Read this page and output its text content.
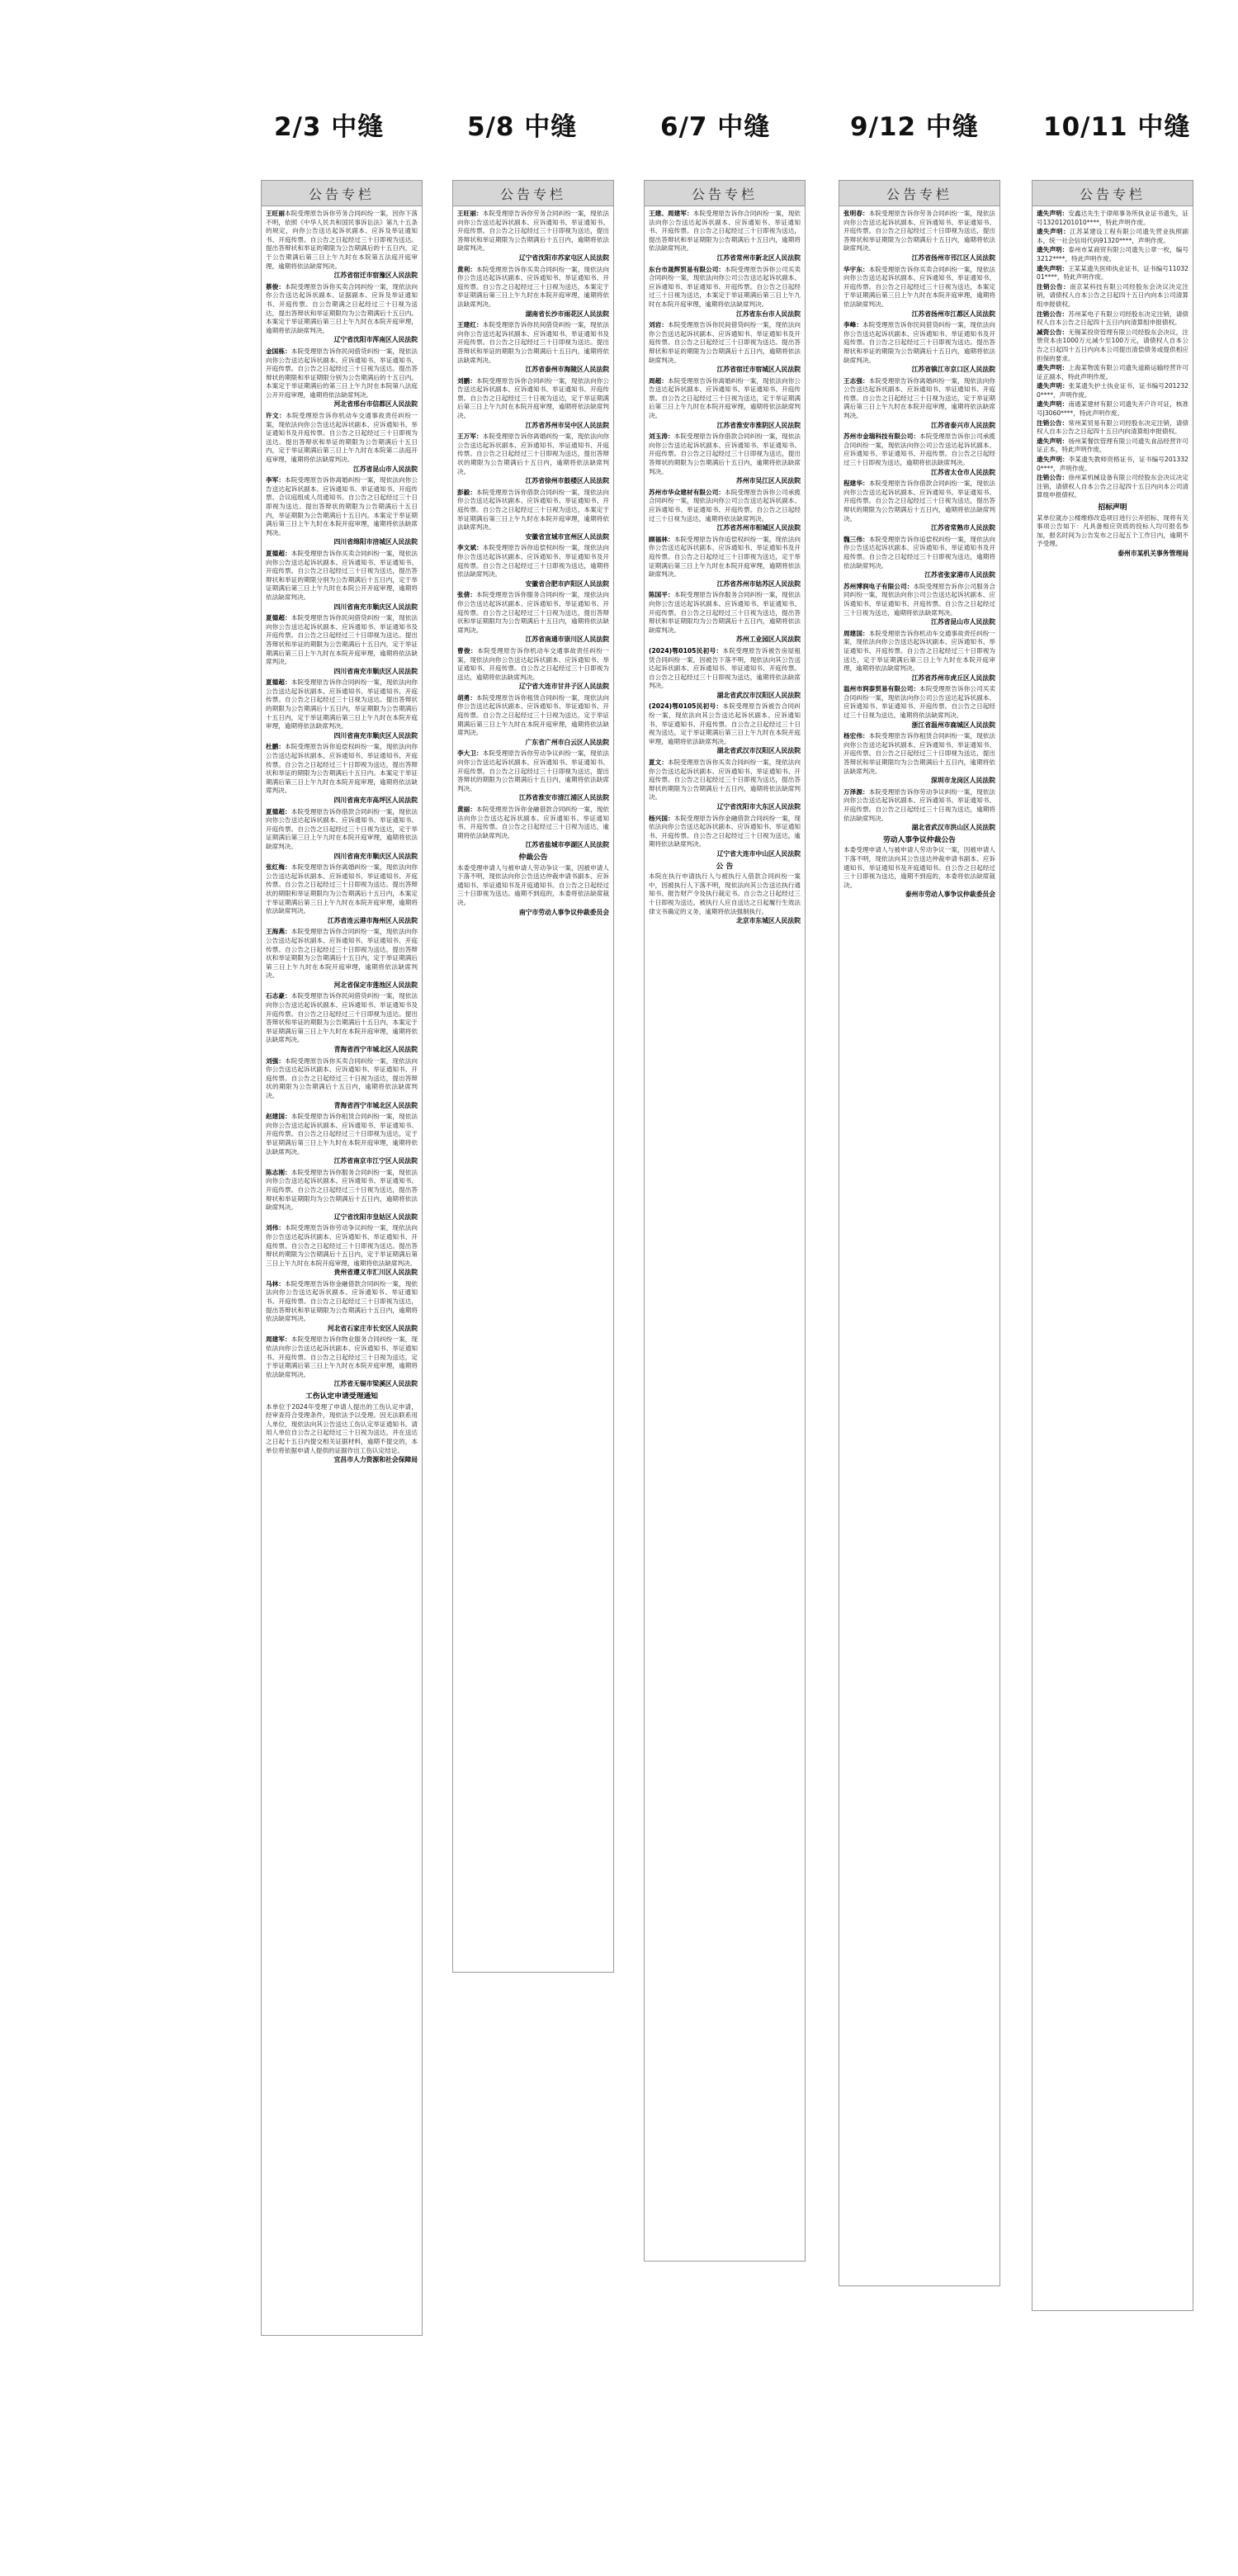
2/3 中缝	5/8 中缝	6/7 中缝	9/12 中缝	10/11 中缝
公告专栏
王旺丽本院受理原告诉你劳务合同纠纷一案，因你下落不明，依照《中华人民共和国民事诉讼法》第九十五条的规定，向你公告送达起诉状副本、应诉及举证通知书、开庭传票。自公告之日起经过三十日即视为送达。提出答辩状和举证的期限为公告期满后的十五日内，定于公告期满后第三日上午九时在本院第五法庭开庭审理，逾期将依法缺席判决。
江苏省宿迁市宿豫区人民法院
蔡俊：本院受理原告诉你买卖合同纠纷一案，现依法向你公告送达起诉状副本、证据副本、应诉及举证通知书、开庭传票。自公告期满之日起经过三十日视为送达，提出答辩状和举证期限均为公告期满后十五日内。本案定于举证期满后第三日上午九时在本院开庭审理，逾期将依法缺席判决。
辽宁省沈阳市浑南区人民法院
金国栋：本院受理原告诉你民间借贷纠纷一案，现依法向你公告送达起诉状副本、应诉通知书、举证通知书、开庭传票。自公告之日起经过三十日视为送达。提出答辩状的期限和举证期限分别为公告期满后的十五日内。本案定于举证期满后的第三日上午九时在本院第八法庭公开开庭审理，逾期将依法缺席判决。
河北省邢台市信都区人民法院
许文：本院受理原告诉你机动车交通事故责任纠纷一案，现依法向你公告送达起诉状副本、应诉通知书、举证通知书及开庭传票。自公告之日起经过三十日即视为送达。提出答辩状和举证的期限为公告期满后十五日内，定于举证期满后第三日上午九时在本院第二法庭开庭审理，逾期将依法缺席判决。
江苏省昆山市人民法院
李军：本院受理原告诉你离婚纠纷一案，现依法向你公告送达起诉状副本、应诉通知书、举证通知书、开庭传票、合议庭组成人员通知书。自公告之日起经过三十日即视为送达。提出答辩状的期限为公告期满后十五日内，举证期限为公告期满后十五日内。本案定于举证期满后第三日上午九时在本院开庭审理，逾期将依法缺席判决。
四川省绵阳市涪城区人民法院
夏德超：本院受理原告诉你买卖合同纠纷一案，现依法向你公告送达起诉状副本、应诉通知书、举证通知书、开庭传票。自公告之日起经过三十日视为送达，提出答辩状和举证的期限分别为公告期满后十五日内，定于举证期满后第三日上午九时在本院公开开庭审理，逾期将依法缺席判决。
四川省南充市顺庆区人民法院
夏德超：本院受理原告诉你民间借贷纠纷一案，现依法向你公告送达起诉状副本、应诉通知书、举证通知书及开庭传票。自公告之日起经过三十日即视为送达。提出答辩状和举证的期限为公告期满后十五日内，定于举证期满后第三日上午九时在本院开庭审理，逾期将依法缺席判决。
四川省南充市顺庆区人民法院
夏德超：本院受理原告诉你合同纠纷一案，现依法向你公告送达起诉状副本、应诉通知书、举证通知书、开庭传票。自公告之日起经过三十日视为送达。提出答辩状的期限为公告期满后十五日内，举证期限为公告期满后十五日内，定于举证期满后第三日上午九时在本院开庭审理，逾期将依法缺席判决。
四川省南充市顺庆区人民法院
杜鹏：本院受理原告诉你追偿权纠纷一案，现依法向你公告送达起诉状副本、应诉通知书、举证通知书、开庭传票。自公告之日起经过三十日即视为送达，提出答辩状和举证的期限为公告期满后十五日内。本案定于举证期满后第三日上午九时在本院开庭审理，逾期将依法缺席判决。
四川省南充市高坪区人民法院
夏德超：本院受理原告诉你借款合同纠纷一案，现依法向你公告送达起诉状副本、应诉通知书、举证通知书、开庭传票。自公告之日起经过三十日视为送达，定于举证期满后第三日上午九时在本院开庭审理，逾期将依法缺席判决。
四川省南充市顺庆区人民法院
张红梅：本院受理原告诉你离婚纠纷一案，现依法向你公告送达起诉状副本、应诉通知书、举证通知书、开庭传票。自公告之日起经过三十日即视为送达。提出答辩状的期限和举证期限均为公告期满后十五日内，本案定于举证期满后第三日上午九时在本院开庭审理，逾期将依法缺席判决。
江苏省连云港市海州区人民法院
王海燕：本院受理原告诉你合同纠纷一案，现依法向你公告送达起诉状副本、应诉通知书、举证通知书、开庭传票。自公告之日起经过三十日即视为送达，提出答辩状和举证期限为公告期满后十五日内，定于举证期满后第三日上午九时在本院开庭审理，逾期将依法缺席判决。
河北省保定市莲池区人民法院
石志豪：本院受理原告诉你民间借贷纠纷一案，现依法向你公告送达起诉状副本、应诉通知书、举证通知书及开庭传票。自公告之日起经过三十日即视为送达。提出答辩状和举证的期限为公告期满后十五日内，本案定于举证期满后第三日上午九时在本院开庭审理，逾期将依法缺席判决。
青海省西宁市城北区人民法院
刘强：本院受理原告诉你买卖合同纠纷一案，现依法向你公告送达起诉状副本、应诉通知书、举证通知书、开庭传票。自公告之日起经过三十日视为送达，提出答辩状的期限为公告期满后十五日内，逾期将依法缺席判决。
青海省西宁市城北区人民法院
赵建国：本院受理原告诉你租赁合同纠纷一案，现依法向你公告送达起诉状副本、应诉通知书、举证通知书、开庭传票。自公告之日起经过三十日即视为送达，定于举证期满后第三日上午九时在本院开庭审理，逾期将依法缺席判决。
江苏省南京市江宁区人民法院
陈志刚：本院受理原告诉你服务合同纠纷一案，现依法向你公告送达起诉状副本、应诉通知书、举证通知书、开庭传票。自公告之日起经过三十日视为送达，提出答辩状和举证期限均为公告期满后十五日内，逾期将依法缺席判决。
辽宁省沈阳市皇姑区人民法院
刘伟：本院受理原告诉你劳动争议纠纷一案，现依法向你公告送达起诉状副本、应诉通知书、举证通知书、开庭传票。自公告之日起经过三十日即视为送达。提出答辩状的期限为公告期满后十五日内，定于举证期满后第三日上午九时在本院开庭审理，逾期将依法缺席判决。
贵州省遵义市汇川区人民法院
马林：本院受理原告诉你金融借款合同纠纷一案，现依法向你公告送达起诉状副本、应诉通知书、举证通知书、开庭传票。自公告之日起经过三十日即视为送达，提出答辩状和举证期限为公告期满后十五日内，逾期将依法缺席判决。
河北省石家庄市长安区人民法院
周建军：本院受理原告诉你物业服务合同纠纷一案，现依法向你公告送达起诉状副本、应诉通知书、举证通知书、开庭传票。自公告之日起经过三十日视为送达，定于举证期满后第三日上午九时在本院开庭审理，逾期将依法缺席判决。
江苏省无锡市梁溪区人民法院
工伤认定申请受理通知
本单位于2024年受理了申请人提出的工伤认定申请，经审查符合受理条件，现依法予以受理。因无法联系用人单位，现依法向其公告送达工伤认定举证通知书。请用人单位自公告之日起经过三十日视为送达，并在送达之日起十五日内提交相关证据材料，逾期不提交的，本单位将依据申请人提供的证据作出工伤认定结论。
宜昌市人力资源和社会保障局
公告专栏
王旺丽：本院受理原告诉你劳务合同纠纷一案，现依法向你公告送达起诉状副本、应诉通知书、举证通知书、开庭传票。自公告之日起经过三十日即视为送达，提出答辩状和举证期限为公告期满后十五日内，逾期将依法缺席判决。
辽宁省沈阳市苏家屯区人民法院
黄利：本院受理原告诉你买卖合同纠纷一案，现依法向你公告送达起诉状副本、应诉通知书、举证通知书、开庭传票。自公告之日起经过三十日视为送达，本案定于举证期满后第三日上午九时在本院开庭审理，逾期将依法缺席判决。
湖南省长沙市雨花区人民法院
王建红：本院受理原告诉你民间借贷纠纷一案，现依法向你公告送达起诉状副本、应诉通知书、举证通知书及开庭传票。自公告之日起经过三十日即视为送达。提出答辩状和举证的期限为公告期满后十五日内，逾期将依法缺席判决。
江苏省泰州市海陵区人民法院
刘鹏：本院受理原告诉你合同纠纷一案，现依法向你公告送达起诉状副本、应诉通知书、举证通知书、开庭传票。自公告之日起经过三十日视为送达，定于举证期满后第三日上午九时在本院开庭审理，逾期将依法缺席判决。
江苏省苏州市吴中区人民法院
王万军：本院受理原告诉你离婚纠纷一案，现依法向你公告送达起诉状副本、应诉通知书、举证通知书、开庭传票。自公告之日起经过三十日即视为送达，提出答辩状的期限为公告期满后十五日内，逾期将依法缺席判决。
江苏省徐州市鼓楼区人民法院
彭毅：本院受理原告诉你借款合同纠纷一案，现依法向你公告送达起诉状副本、应诉通知书、举证通知书、开庭传票。自公告之日起经过三十日视为送达，本案定于举证期满后第三日上午九时在本院开庭审理，逾期将依法缺席判决。
安徽省宣城市宣州区人民法院
李文斌：本院受理原告诉你追偿权纠纷一案，现依法向你公告送达起诉状副本、应诉通知书、举证通知书及开庭传票。自公告之日起经过三十日即视为送达，逾期将依法缺席判决。
安徽省合肥市庐阳区人民法院
张倩：本院受理原告诉你服务合同纠纷一案，现依法向你公告送达起诉状副本、应诉通知书、举证通知书、开庭传票。自公告之日起经过三十日视为送达，提出答辩状和举证期限均为公告期满后十五日内，逾期将依法缺席判决。
江苏省南通市崇川区人民法院
曹俊：本院受理原告诉你机动车交通事故责任纠纷一案，现依法向你公告送达起诉状副本、应诉通知书、举证通知书、开庭传票。自公告之日起经过三十日即视为送达，逾期将依法缺席判决。
辽宁省大连市甘井子区人民法院
胡勇：本院受理原告诉你租赁合同纠纷一案，现依法向你公告送达起诉状副本、应诉通知书、举证通知书、开庭传票。自公告之日起经过三十日视为送达，定于举证期满后第三日上午九时在本院开庭审理，逾期将依法缺席判决。
广东省广州市白云区人民法院
李大卫：本院受理原告诉你劳动争议纠纷一案，现依法向你公告送达起诉状副本、应诉通知书、举证通知书、开庭传票。自公告之日起经过三十日即视为送达，提出答辩状的期限为公告期满后十五日内，逾期将依法缺席判决。
江苏省淮安市清江浦区人民法院
黄丽：本院受理原告诉你金融借款合同纠纷一案，现依法向你公告送达起诉状副本、应诉通知书、举证通知书、开庭传票。自公告之日起经过三十日视为送达，逾期将依法缺席判决。
江苏省盐城市亭湖区人民法院
仲裁公告
本委受理申请人与被申请人劳动争议一案，因被申请人下落不明，现依法向你公告送达仲裁申请书副本、应诉通知书、举证通知书及开庭通知书。自公告之日起经过三十日即视为送达。逾期不到庭的，本委将依法缺席裁决。
南宁市劳动人事争议仲裁委员会
公告专栏
王建、周建军：本院受理原告诉你合同纠纷一案，现依法向你公告送达起诉状副本、应诉通知书、举证通知书、开庭传票。自公告之日起经过三十日即视为送达，提出答辩状和举证期限为公告期满后十五日内，逾期将依法缺席判决。
江苏省常州市新北区人民法院
东台市晟辉贸易有限公司：本院受理原告诉你公司买卖合同纠纷一案，现依法向你公司公告送达起诉状副本、应诉通知书、举证通知书、开庭传票。自公告之日起经过三十日视为送达，本案定于举证期满后第三日上午九时在本院开庭审理，逾期将依法缺席判决。
江苏省东台市人民法院
刘岩：本院受理原告诉你民间借贷纠纷一案，现依法向你公告送达起诉状副本、应诉通知书、举证通知书及开庭传票。自公告之日起经过三十日即视为送达。提出答辩状和举证的期限为公告期满后十五日内，逾期将依法缺席判决。
江苏省宿迁市宿城区人民法院
周超：本院受理原告诉你离婚纠纷一案，现依法向你公告送达起诉状副本、应诉通知书、举证通知书、开庭传票。自公告之日起经过三十日视为送达，定于举证期满后第三日上午九时在本院开庭审理，逾期将依法缺席判决。
江苏省淮安市淮阴区人民法院
刘玉涛：本院受理原告诉你借款合同纠纷一案，现依法向你公告送达起诉状副本、应诉通知书、举证通知书、开庭传票。自公告之日起经过三十日即视为送达，提出答辩状的期限为公告期满后十五日内，逾期将依法缺席判决。
苏州市吴江区人民法院
苏州市华众建材有限公司：本院受理原告诉你公司承揽合同纠纷一案，现依法向你公司公告送达起诉状副本、应诉通知书、举证通知书、开庭传票。自公告之日起经过三十日视为送达，逾期将依法缺席判决。
江苏省苏州市相城区人民法院
顾福林：本院受理原告诉你追偿权纠纷一案，现依法向你公告送达起诉状副本、应诉通知书、举证通知书及开庭传票。自公告之日起经过三十日即视为送达，定于举证期满后第三日上午九时在本院开庭审理，逾期将依法缺席判决。
江苏省苏州市姑苏区人民法院
陈国平：本院受理原告诉你服务合同纠纷一案，现依法向你公告送达起诉状副本、应诉通知书、举证通知书、开庭传票。自公告之日起经过三十日视为送达，提出答辩状和举证期限均为公告期满后十五日内，逾期将依法缺席判决。
苏州工业园区人民法院
(2024)鄂0105民初号：本院受理原告诉被告房屋租赁合同纠纷一案，因被告下落不明，现依法向其公告送达起诉状副本、应诉通知书、举证通知书、开庭传票。自公告之日起经过三十日即视为送达，逾期将依法缺席判决。
湖北省武汉市汉阳区人民法院
(2024)鄂0105民初号：本院受理原告诉被告合同纠纷一案，现依法向其公告送达起诉状副本、应诉通知书、举证通知书、开庭传票。自公告之日起经过三十日视为送达，定于举证期满后第三日上午九时在本院开庭审理，逾期将依法缺席判决。
湖北省武汉市汉阳区人民法院
夏文：本院受理原告诉你买卖合同纠纷一案，现依法向你公告送达起诉状副本、应诉通知书、举证通知书、开庭传票。自公告之日起经过三十日即视为送达，提出答辩状的期限为公告期满后十五日内，逾期将依法缺席判决。
辽宁省沈阳市大东区人民法院
杨兴国：本院受理原告诉你金融借款合同纠纷一案，现依法向你公告送达起诉状副本、应诉通知书、举证通知书、开庭传票。自公告之日起经过三十日视为送达，逾期将依法缺席判决。
辽宁省大连市中山区人民法院
公 告
本院在执行申请执行人与被执行人借款合同纠纷一案中，因被执行人下落不明，现依法向其公告送达执行通知书、报告财产令及执行裁定书。自公告之日起经过三十日即视为送达，被执行人应自送达之日起履行生效法律文书确定的义务，逾期将依法强制执行。
北京市东城区人民法院
公告专栏
张明春：本院受理原告诉你劳务合同纠纷一案，现依法向你公告送达起诉状副本、应诉通知书、举证通知书、开庭传票。自公告之日起经过三十日即视为送达，提出答辩状和举证期限为公告期满后十五日内，逾期将依法缺席判决。
江苏省扬州市邗江区人民法院
华宇东：本院受理原告诉你买卖合同纠纷一案，现依法向你公告送达起诉状副本、应诉通知书、举证通知书、开庭传票。自公告之日起经过三十日视为送达，本案定于举证期满后第三日上午九时在本院开庭审理，逾期将依法缺席判决。
江苏省扬州市江都区人民法院
李峰：本院受理原告诉你民间借贷纠纷一案，现依法向你公告送达起诉状副本、应诉通知书、举证通知书及开庭传票。自公告之日起经过三十日即视为送达。提出答辩状和举证的期限为公告期满后十五日内，逾期将依法缺席判决。
江苏省镇江市京口区人民法院
王志强：本院受理原告诉你离婚纠纷一案，现依法向你公告送达起诉状副本、应诉通知书、举证通知书、开庭传票。自公告之日起经过三十日视为送达，定于举证期满后第三日上午九时在本院开庭审理，逾期将依法缺席判决。
江苏省泰兴市人民法院
苏州市金瑞科技有限公司：本院受理原告诉你公司承揽合同纠纷一案，现依法向你公司公告送达起诉状副本、应诉通知书、举证通知书、开庭传票。自公告之日起经过三十日即视为送达，逾期将依法缺席判决。
江苏省太仓市人民法院
程建华：本院受理原告诉你借款合同纠纷一案，现依法向你公告送达起诉状副本、应诉通知书、举证通知书、开庭传票。自公告之日起经过三十日视为送达，提出答辩状的期限为公告期满后十五日内，逾期将依法缺席判决。
江苏省常熟市人民法院
魏三伟：本院受理原告诉你追偿权纠纷一案，现依法向你公告送达起诉状副本、应诉通知书、举证通知书及开庭传票。自公告之日起经过三十日即视为送达，逾期将依法缺席判决。
江苏省张家港市人民法院
苏州博润电子有限公司：本院受理原告诉你公司服务合同纠纷一案，现依法向你公司公告送达起诉状副本、应诉通知书、举证通知书、开庭传票。自公告之日起经过三十日视为送达，逾期将依法缺席判决。
江苏省昆山市人民法院
周建国：本院受理原告诉你机动车交通事故责任纠纷一案，现依法向你公告送达起诉状副本、应诉通知书、举证通知书、开庭传票。自公告之日起经过三十日即视为送达，定于举证期满后第三日上午九时在本院开庭审理，逾期将依法缺席判决。
江苏省苏州市虎丘区人民法院
温州市润泰贸易有限公司：本院受理原告诉你公司买卖合同纠纷一案，现依法向你公司公告送达起诉状副本、应诉通知书、举证通知书、开庭传票。自公告之日起经过三十日视为送达，逾期将依法缺席判决。
浙江省温州市鹿城区人民法院
杨宏伟：本院受理原告诉你租赁合同纠纷一案，现依法向你公告送达起诉状副本、应诉通知书、举证通知书、开庭传票。自公告之日起经过三十日即视为送达，提出答辩状和举证期限均为公告期满后十五日内，逾期将依法缺席判决。
深圳市龙岗区人民法院
万泽源：本院受理原告诉你劳动争议纠纷一案，现依法向你公告送达起诉状副本、应诉通知书、举证通知书、开庭传票。自公告之日起经过三十日视为送达，逾期将依法缺席判决。
湖北省武汉市洪山区人民法院
劳动人事争议仲裁公告
本委受理申请人与被申请人劳动争议一案，因被申请人下落不明，现依法向其公告送达仲裁申请书副本、应诉通知书、举证通知书及开庭通知书。自公告之日起经过三十日即视为送达，逾期不到庭的，本委将依法缺席裁决。
泰州市劳动人事争议仲裁委员会
公告专栏
遗失声明：安鑫达先生于律师事务所执业证书遗失，证号13201201010****，特此声明作废。
遗失声明：江苏某建设工程有限公司遗失营业执照副本，统一社会信用代码91320****，声明作废。
遗失声明：泰州市某商贸有限公司遗失公章一枚，编号3212****，特此声明作废。
遗失声明：王某某遗失医师执业证书，证书编号1103201****，特此声明作废。
注销公告：南京某科技有限公司经股东会决议决定注销，请债权人自本公告之日起四十五日内向本公司清算组申报债权。
注销公告：苏州某电子有限公司经股东决定注销，请债权人自本公告之日起四十五日内向清算组申报债权。
减资公告：无锡某投资管理有限公司经股东会决议，注册资本由1000万元减少至100万元，请债权人自本公告之日起四十五日内向本公司提出清偿债务或提供相应担保的要求。
遗失声明：上海某物流有限公司遗失道路运输经营许可证正副本，特此声明作废。
遗失声明：张某遗失护士执业证书，证书编号2012320****，声明作废。
遗失声明：南通某建材有限公司遗失开户许可证，核准号J3060****，特此声明作废。
注销公告：常州某贸易有限公司经股东决定注销，请债权人自本公告之日起四十五日内向清算组申报债权。
遗失声明：扬州某餐饮管理有限公司遗失食品经营许可证正本，特此声明作废。
遗失声明：李某遗失教师资格证书，证书编号2013320****，声明作废。
注销公告：徐州某机械设备有限公司经股东会决议决定注销，请债权人自本公告之日起四十五日内向本公司清算组申报债权。
招标声明
某单位就办公楼维修改造项目进行公开招标，现将有关事项公告如下：凡具备相应资质的投标人均可报名参加，报名时间为公告发布之日起五个工作日内，逾期不予受理。
泰州市某机关事务管理局
